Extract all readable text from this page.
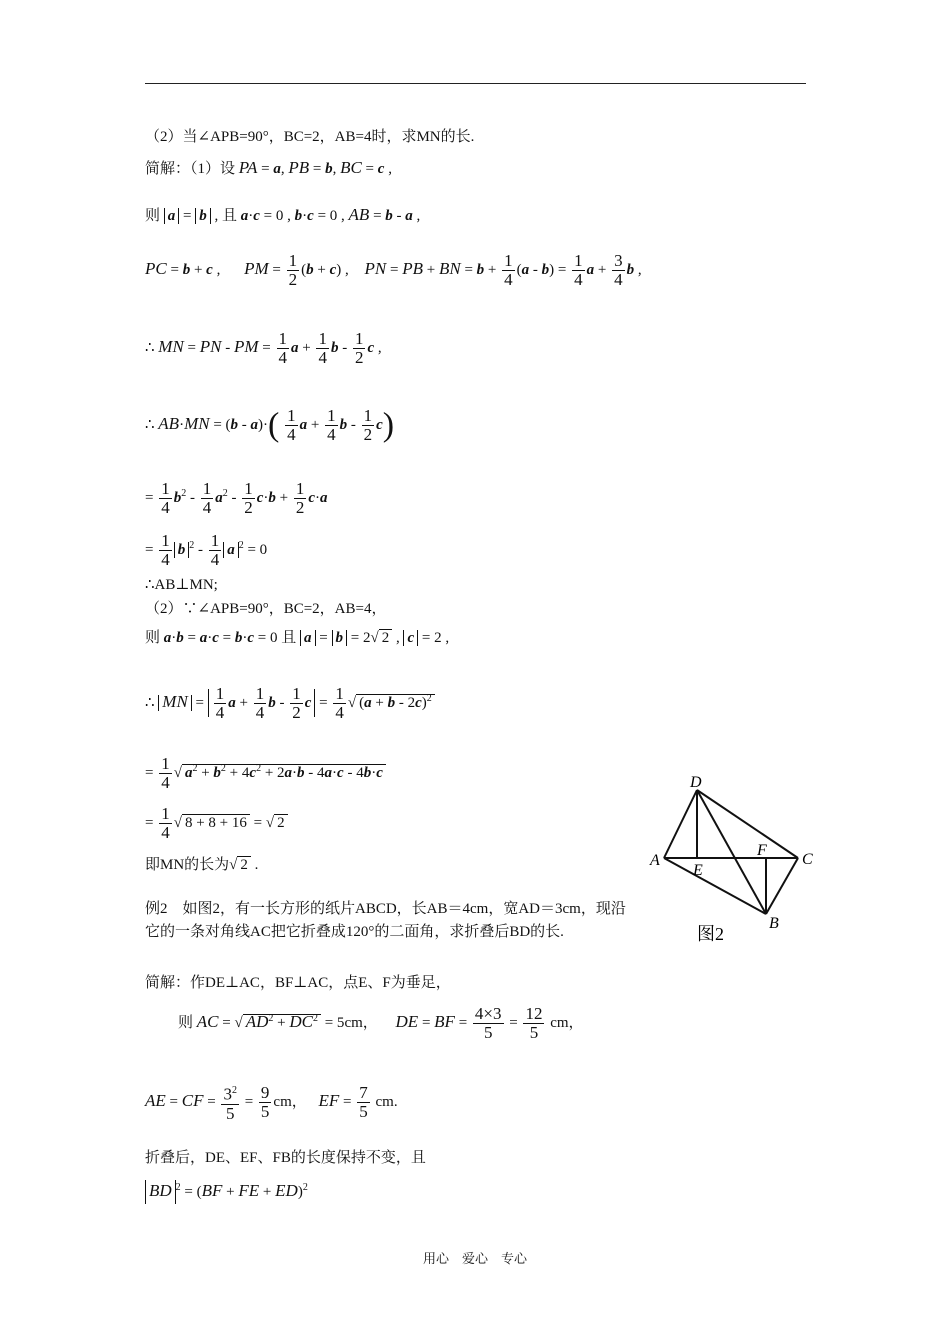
（2）当∠APB=90°，BC=2，AB=4时，求MN的长.
简解：（1）设 PA = a, PB = b, BC = c ,
则 a = b , 且 a·c = 0 , b·c = 0 , AB = b - a ,
PC = b + c , PM = $\frac{1}{2} (b + c)$ , PN = PB + BN = $b + \frac{1}{4} (a - b) = \frac{1}{4}$ $a + \frac{3}{4}$ b ,
∴ MN = PN - PM = $\frac{1}{4}$ $a + \frac{1}{4}$ b - $\frac{1}{2}$ c ,
∴ $AB\cdot MN = (b - a)\cdot( \frac{1}{4}$ $a + \frac{1}{4}$ b - $\frac{1}{2} c$)
= $\frac{1}{4} b^2 - \frac{1}{4} a^2 - \frac{1}{2} c\cdot b + \frac{1}{2} c\cdot a$
= $\frac{1}{4}$ b $^2 - \frac{1}{4}$ a $^2$ = 0
∴AB⊥MN;
（2）∵∠APB=90°，BC=2，AB=4，
则 a·b = a·c = b·c = 0 且 a = b = 2√ 2 , c = 2 ,
∴ MN = $\frac{1}{4}$ $a + \frac{1}{4}$ b - $\frac{1}{2}$ $c = \frac{1}{4}$ √ $(a + b - 2c)^2$
= $\frac{1}{4}$ √ $a^2 + b^2 + 4c^2 + 2a\cdot b - 4a\cdot c - 4b\cdot c$
= $\frac{1}{4}$ √ 8 + 8 + 16 = √ 2
即MN的长为√ 2 .
例2　如图2，有一长方形的纸片ABCD，长AB＝4cm，宽AD＝3cm，现沿它的一条对角线AC把它折叠成120°的二面角，求折叠后BD的长.
简解：作DE⊥AC，BF⊥AC，点E、F为垂足，
则 AC = √ $AD^2 + DC^2 = 5cm$， DE = BF = $\frac{4\times 3}{5} = \frac{12}{5}$ cm，
AE = CF = $\frac{3^2}{5} = \frac{9}{5}$ cm， EF = $\frac{7}{5}$ cm.
折叠后，DE、EF、FB的长度保持不变，且
BD $^2$ = (BF + FE + ED)$^2$
D
A
E
F
C
B
图2
用心　爱心　专心
